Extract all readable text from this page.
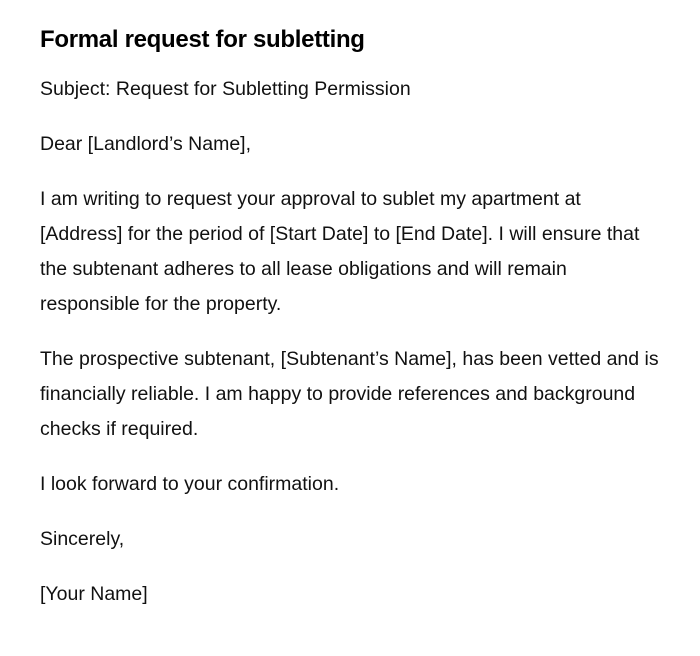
Formal request for subletting

Subject: Request for Subletting Permission

Dear [Landlord’s Name],

I am writing to request your approval to sublet my apartment at [Address] for the period of [Start Date] to [End Date]. I will ensure that the subtenant adheres to all lease obligations and will remain responsible for the property.

The prospective subtenant, [Subtenant’s Name], has been vetted and is financially reliable. I am happy to provide references and background checks if required.

I look forward to your confirmation.

Sincerely,

[Your Name]
